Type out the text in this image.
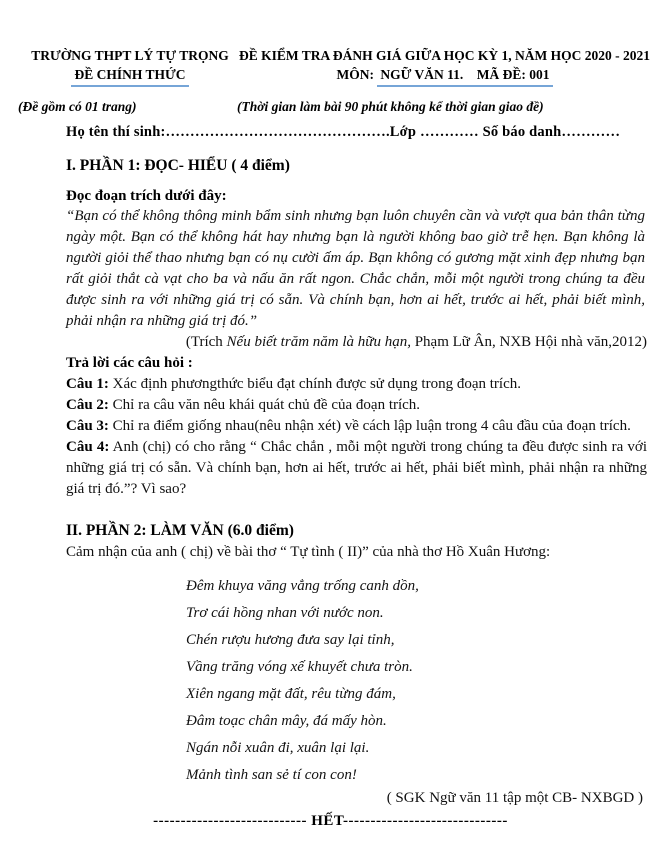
TRƯỜNG THPT LÝ TỰ TRỌNG
ĐỀ CHÍNH THỨC
ĐỀ KIỂM TRA ĐÁNH GIÁ GIỮA HỌC KỲ 1, NĂM HỌC 2020 - 2021
MÔN: NGỮ VĂN 11.    MÃ ĐỀ: 001
(Đề gồm có 01 trang)	(Thời gian làm bài 90 phút không kể thời gian giao đề)
Họ tên thí sinh:……………………………………….Lớp ………… Số báo danh…………
I. PHẦN 1: ĐỌC- HIỂU ( 4 điểm)
Đọc đoạn trích dưới đây:
“Bạn có thể không thông minh bẩm sinh nhưng bạn luôn chuyên cần và vượt qua bản thân từng ngày một. Bạn có thể không hát hay nhưng bạn là người không bao giờ trễ hẹn. Bạn không là người giỏi thể thao nhưng bạn có nụ cười ấm áp. Bạn không có gương mặt xinh đẹp nhưng bạn rất giỏi thắt cà vạt cho ba và nấu ăn rất ngon. Chắc chắn, mỗi một người trong chúng ta đều được sinh ra với những giá trị có sẵn. Và chính bạn, hơn ai hết, trước ai hết, phải biết mình, phải nhận ra những giá trị đó.”
(Trích Nếu biết trăm năm là hữu hạn, Phạm Lữ Ân, NXB Hội nhà văn,2012)
Trả lời các câu hỏi :

Câu 1: Xác định phươngthức biểu đạt chính được sử dụng trong đoạn trích.

Câu 2: Chỉ ra câu văn nêu khái quát chủ đề của đoạn trích.

Câu 3: Chỉ ra điểm giống nhau(nêu nhận xét) về cách lập luận trong 4 câu đầu của đoạn trích.

Câu 4: Anh (chị) có cho rằng “ Chắc chắn , mỗi một người trong chúng ta đều được sinh ra với những giá trị có sẵn. Và chính bạn, hơn ai hết, trước ai hết, phải biết mình, phải nhận ra những giá trị đó.”? Vì sao?

II. PHẦN 2: LÀM VĂN (6.0 điểm)
Cảm nhận của anh ( chị) về bài thơ “ Tự tình ( II)” của nhà thơ Hồ Xuân Hương:
Đêm khuya văng vẳng trống canh dồn,
Trơ cái hồng nhan với nước non.
Chén rượu hương đưa say lại tỉnh,
Vầng trăng vóng xế khuyết chưa tròn.
Xiên ngang mặt đất, rêu từng đám,
Đâm toạc chân mây, đá mấy hòn.
Ngán nỗi xuân đi, xuân lại lại.
Mảnh tình san sẻ tí con con!
( SGK Ngữ văn 11 tập một CB- NXBGD )
---------------------------- HẾT------------------------------
